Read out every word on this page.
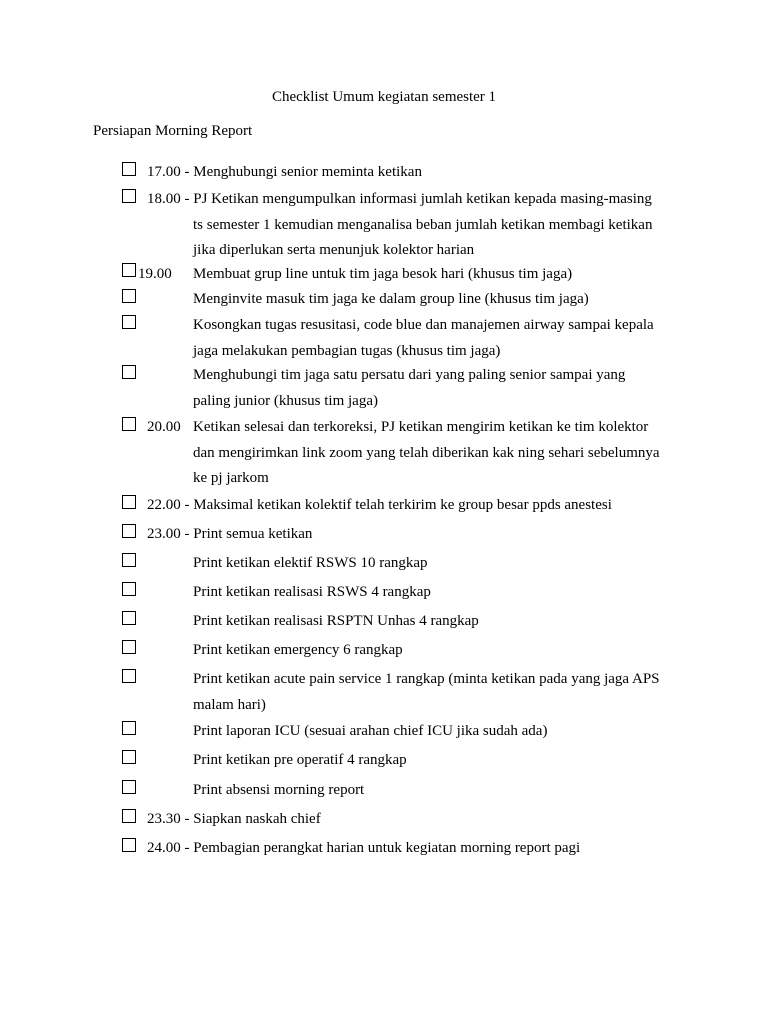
Checklist Umum kegiatan semester 1
Persiapan Morning Report
17.00 - Menghubungi senior meminta ketikan
18.00 - PJ Ketikan mengumpulkan informasi jumlah ketikan kepada masing-masing
ts semester 1 kemudian menganalisa beban jumlah ketikan membagi ketikan
jika diperlukan serta menunjuk kolektor harian
19.00 Membuat grup line untuk tim jaga besok hari (khusus tim jaga)
Menginvite masuk tim jaga ke dalam group line (khusus tim jaga)
Kosongkan tugas resusitasi, code blue dan manajemen airway sampai kepala
jaga melakukan pembagian tugas (khusus tim jaga)
Menghubungi tim jaga satu persatu dari yang paling senior sampai yang
paling junior (khusus tim jaga)
20.00 Ketikan selesai dan terkoreksi, PJ ketikan mengirim ketikan ke tim kolektor
dan mengirimkan link zoom yang telah diberikan kak ning sehari sebelumnya
ke pj jarkom
22.00 - Maksimal ketikan kolektif telah terkirim ke group besar ppds anestesi
23.00 - Print semua ketikan
Print ketikan elektif RSWS 10 rangkap
Print ketikan realisasi RSWS 4 rangkap
Print ketikan realisasi RSPTN Unhas 4 rangkap
Print ketikan emergency 6 rangkap
Print ketikan acute pain service 1 rangkap (minta ketikan pada yang jaga APS
malam hari)
Print laporan ICU (sesuai arahan chief ICU jika sudah ada)
Print ketikan pre operatif 4 rangkap
Print absensi morning report
23.30 - Siapkan naskah chief
24.00 - Pembagian perangkat harian untuk kegiatan morning report pagi
